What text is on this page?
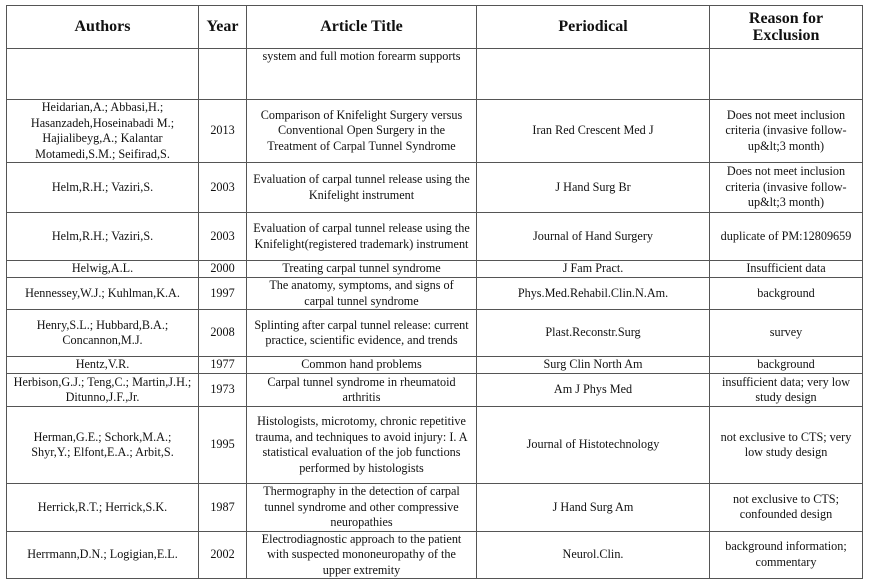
Authors	Year	Article Title	Periodical	Reason for Exclusion
		system and full motion forearm supports		
Heidarian,A.; Abbasi,H.; Hasanzadeh,Hoseinabadi M.; Hajialibeyg,A.; Kalantar Motamedi,S.M.; Seifirad,S.	2013	Comparison of Knifelight Surgery versus Conventional Open Surgery in the Treatment of Carpal Tunnel Syndrome	Iran Red Crescent Med J	Does not meet inclusion criteria (invasive follow-up&lt;3 month)
Helm,R.H.; Vaziri,S.	2003	Evaluation of carpal tunnel release using the Knifelight instrument	J Hand Surg Br	Does not meet inclusion criteria (invasive follow-up&lt;3 month)
Helm,R.H.; Vaziri,S.	2003	Evaluation of carpal tunnel release using the Knifelight(registered trademark) instrument	Journal of Hand Surgery	duplicate of PM:12809659
Helwig,A.L.	2000	Treating carpal tunnel syndrome	J Fam Pract.	Insufficient data
Hennessey,W.J.; Kuhlman,K.A.	1997	The anatomy, symptoms, and signs of carpal tunnel syndrome	Phys.Med.Rehabil.Clin.N.Am.	background
Henry,S.L.; Hubbard,B.A.; Concannon,M.J.	2008	Splinting after carpal tunnel release: current practice, scientific evidence, and trends	Plast.Reconstr.Surg	survey
Hentz,V.R.	1977	Common hand problems	Surg Clin North Am	background
Herbison,G.J.; Teng,C.; Martin,J.H.; Ditunno,J.F.,Jr.	1973	Carpal tunnel syndrome in rheumatoid arthritis	Am J Phys Med	insufficient data; very low study design
Herman,G.E.; Schork,M.A.; Shyr,Y.; Elfont,E.A.; Arbit,S.	1995	Histologists, microtomy, chronic repetitive trauma, and techniques to avoid injury: I. A statistical evaluation of the job functions performed by histologists	Journal of Histotechnology	not exclusive to CTS; very low study design
Herrick,R.T.; Herrick,S.K.	1987	Thermography in the detection of carpal tunnel syndrome and other compressive neuropathies	J Hand Surg Am	not exclusive to CTS; confounded design
Herrmann,D.N.; Logigian,E.L.	2002	Electrodiagnostic approach to the patient with suspected mononeuropathy of the upper extremity	Neurol.Clin.	background information; commentary
